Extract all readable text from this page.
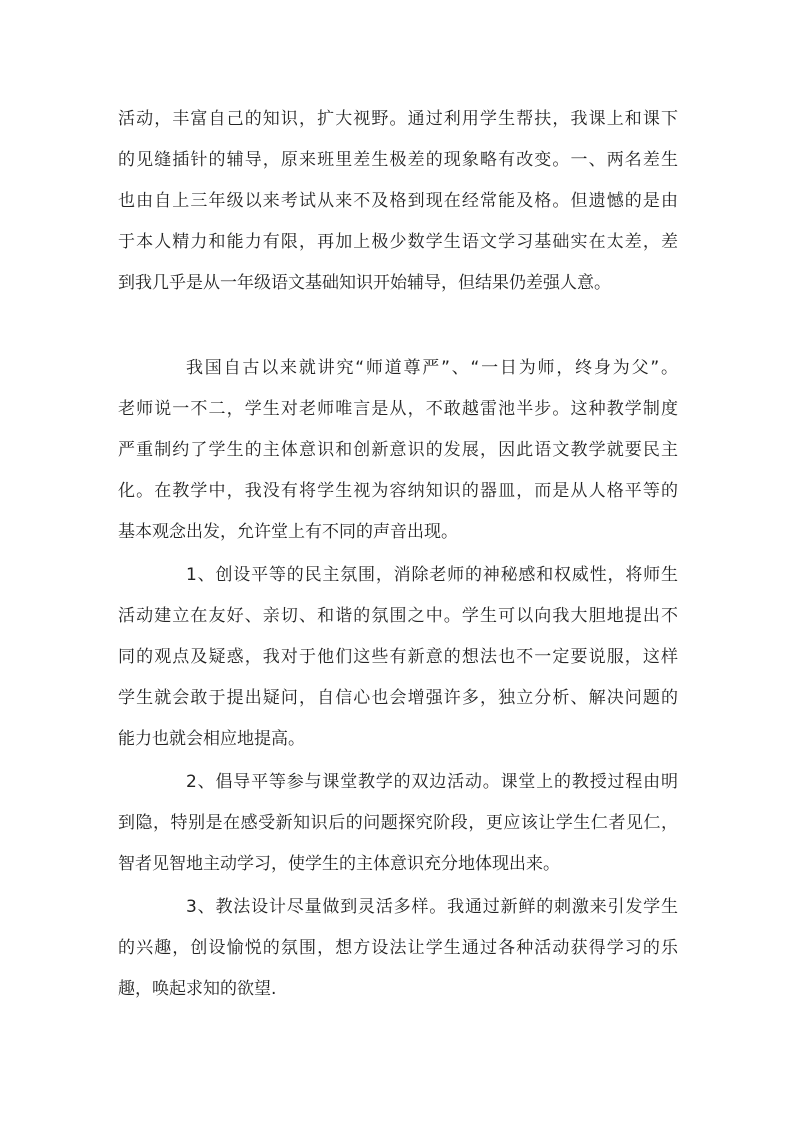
活动，丰富自己的知识，扩大视野。通过利用学生帮扶，我课上和课下
的见缝插针的辅导，原来班里差生极差的现象略有改变。一、两名差生
也由自上三年级以来考试从来不及格到现在经常能及格。但遗憾的是由
于本人精力和能力有限，再加上极少数学生语文学习基础实在太差，差
到我几乎是从一年级语文基础知识开始辅导，但结果仍差强人意。
我国自古以来就讲究“师道尊严”、“一日为师，终身为父”。
老师说一不二，学生对老师唯言是从，不敢越雷池半步。这种教学制度
严重制约了学生的主体意识和创新意识的发展，因此语文教学就要民主
化。在教学中，我没有将学生视为容纳知识的器皿，而是从人格平等的
基本观念出发，允许堂上有不同的声音出现。
1、创设平等的民主氛围，消除老师的神秘感和权威性，将师生
活动建立在友好、亲切、和谐的氛围之中。学生可以向我大胆地提出不
同的观点及疑惑，我对于他们这些有新意的想法也不一定要说服，这样
学生就会敢于提出疑问，自信心也会增强许多，独立分析、解决问题的
能力也就会相应地提高。
2、倡导平等参与课堂教学的双边活动。课堂上的教授过程由明
到隐，特别是在感受新知识后的问题探究阶段，更应该让学生仁者见仁，
智者见智地主动学习，使学生的主体意识充分地体现出来。
3、教法设计尽量做到灵活多样。我通过新鲜的刺激来引发学生
的兴趣，创设愉悦的氛围，想方设法让学生通过各种活动获得学习的乐
趣，唤起求知的欲望.
